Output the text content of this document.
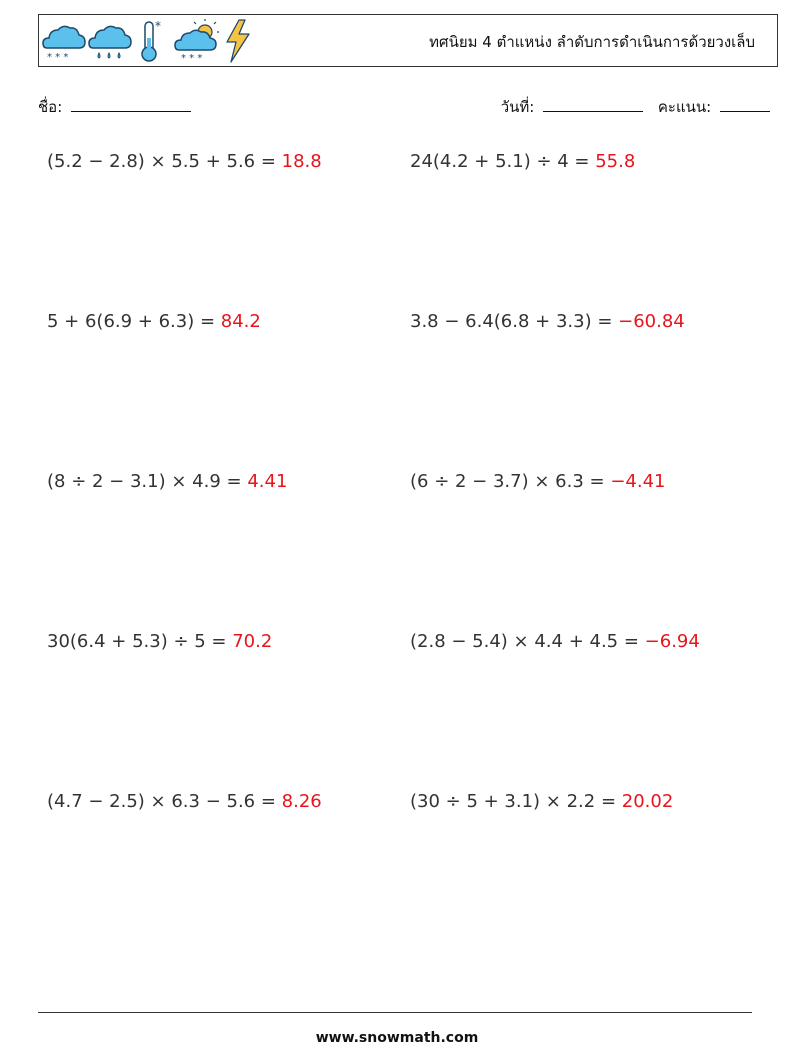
* * *
*
* * *
ทศนิยม 4 ตำแหน่ง ลำดับการดำเนินการด้วยวงเล็บ
ชื่อ:	วันที่:	คะแนน:
(5.2 − 2.8) × 5.5 + 5.6 = 18.8	24(4.2 + 5.1) ÷ 4 = 55.8
5 + 6(6.9 + 6.3) = 84.2	3.8 − 6.4(6.8 + 3.3) = −60.84
(8 ÷ 2 − 3.1) × 4.9 = 4.41	(6 ÷ 2 − 3.7) × 6.3 = −4.41
30(6.4 + 5.3) ÷ 5 = 70.2	(2.8 − 5.4) × 4.4 + 4.5 = −6.94
(4.7 − 2.5) × 6.3 − 5.6 = 8.26	(30 ÷ 5 + 3.1) × 2.2 = 20.02
www.snowmath.com
